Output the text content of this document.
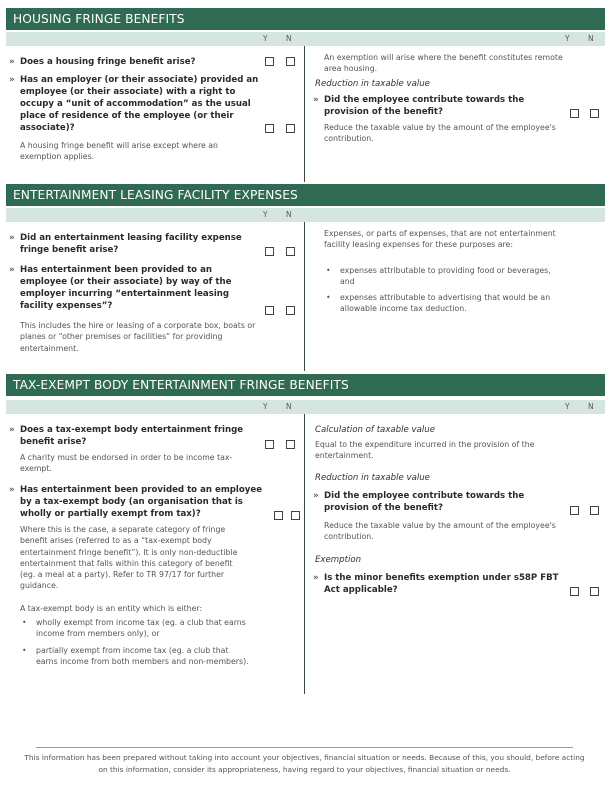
HOUSING FRINGE BENEFITS
Y N	Y N
» Does a housing fringe benefit arise?
» Has an employer (or their associate) provided an employee (or their associate) with a right to occupy a “unit of accommodation” as the usual place of residence of the employee (or their associate)?
A housing fringe benefit will arise except where an exemption applies.
An exemption will arise where the benefit constitutes remote area housing.
Reduction in taxable value
» Did the employee contribute towards the provision of the benefit?
Reduce the taxable value by the amount of the employee's contribution.
ENTERTAINMENT LEASING FACILITY EXPENSES
Y N
» Did an entertainment leasing facility expense fringe benefit arise?
» Has entertainment been provided to an employee (or their associate) by way of the employer incurring “entertainment leasing facility expenses”?
This includes the hire or leasing of a corporate box, boats or planes or “other premises or facilities” for providing entertainment.
Expenses, or parts of expenses, that are not entertainment facility leasing expenses for these purposes are:
• expenses attributable to providing food or beverages, and
• expenses attributable to advertising that would be an allowable income tax deduction.
TAX-EXEMPT BODY ENTERTAINMENT FRINGE BENEFITS
Y N	Y N
» Does a tax-exempt body entertainment fringe benefit arise?
A charity must be endorsed in order to be income tax-exempt.
» Has entertainment been provided to an employee by a tax-exempt body (an organisation that is wholly or partially exempt from tax)?
Where this is the case, a separate category of fringe benefit arises (referred to as a “tax-exempt body entertainment fringe benefit”). It is only non-deductible entertainment that falls within this category of benefit (eg. a meal at a party). Refer to TR 97/17 for further guidance.
A tax-exempt body is an entity which is either:
• wholly exempt from income tax (eg. a club that earns income from members only), or
• partially exempt from income tax (eg. a club that earns income from both members and non-members).
Calculation of taxable value
Equal to the expenditure incurred in the provision of the entertainment.
Reduction in taxable value
» Did the employee contribute towards the provision of the benefit?
Reduce the taxable value by the amount of the employee's contribution.
Exemption
» Is the minor benefits exemption under s58P FBT Act applicable?
This information has been prepared without taking into account your objectives, financial situation or needs. Because of this, you should, before acting on this information, consider its appropriateness, having regard to your objectives, financial situation or needs.
